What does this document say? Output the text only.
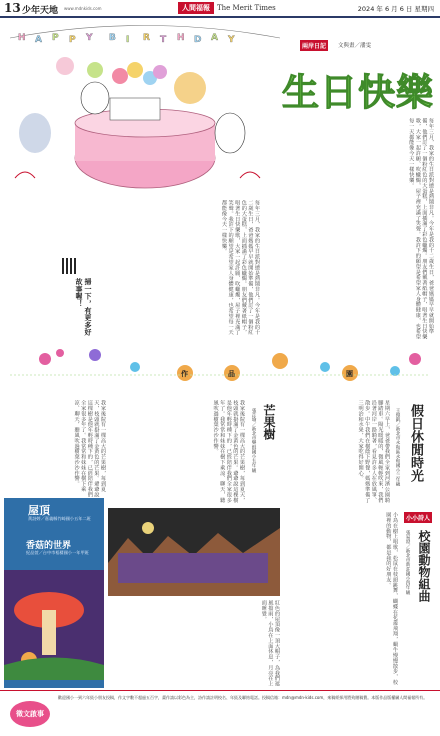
13 少年天地 www.mdnkids.com	人間福報	The Merit Times	2024 年 6 月 6 日 星期四
H A P P Y B I R T H D A Y
兩岸日記	文與畫／潘雯
生日快樂
每年三月，我家的生日派對總是熱鬧非凡。今年是我的十二歲生日，爸爸媽媽早早就開始準備，他們訂了一個粉紅色的大蛋糕，上面插滿了彩色蠟燭。朋友們戴著紙帽子，唱著生日快樂歌，大家一起許願、吹蠟燭，屋子裡充滿了笑聲。我許下的願望是希望家人身體健康，也希望每一天都能像今天一樣快樂。
每年三月，我家的生日派對總是熱鬧非凡。今年是我的十二歲生日，爸爸媽媽早早就開始準備，他們訂了一個粉紅色的大蛋糕，上面插滿了彩色蠟燭。朋友們戴著紙帽子，唱著生日快樂歌，大家一起許願、吹蠟燭，屋子裡充滿了笑聲。我許下的願望是希望家人身體健康，也希望每一天都能像今天一樣快樂。
掃一下，有更多好故事喔！
作	品	園
假日休閒時光
王俊凱／新北市永和區永和國小三年級
星期六早上，爸爸帶我們全家到河濱公園騎腳踏車。陽光暖暖的，微風輕輕吹來，我們沿著河岸一路騎著，看見許多人在放風箏、散步。中午我們在樹蔭下野餐，媽媽準備了三明治和水果，大家吃得好開心。
芒果樹
張芷瑜／新北市樂群國小五年級
我家後院有一棵高大的芒果樹，每到夏天，枝頭就掛滿了金黃色的芒果。爺爺說這棵樹是他年輕時種下的，已經陪伴我們全家很多年了。我常常和妹妹在樹下乘涼、聊天，聽風吹過樹葉沙沙作響。
我家後院有一棵高大的芒果樹，每到夏天，枝頭就掛滿了金黃色的芒果。爺爺說這棵樹是他年輕時種下的，已經陪伴我們全家很多年了。我常常和妹妹在樹下乘涼、聊天，聽風吹過樹葉沙沙作響。
小小詩人
校園動物組曲
張易澄／新北市新莊國小四年級
小鳥在樹上唱歌，松鼠在枝頭跳舞，蝴蝶在花叢飛翔，蝸牛慢慢散步，校園裡的動物，都是我的好朋友。
紅色的屋頂像一頂大帽子，為我們遮風擋雨，小鳥在上面休息，月亮在上面睡覺。
屋頂
黃詩婷／嘉義縣竹崎國小五年二班
香菇的世界
紀品萱／台中市梧棲國小一年甲班
徵文啟事
歡迎國小一到六年級小朋友投稿，作文字數不超過五百字，畫作請以彩色為主，詩作請註明校名、年級及聯絡電話。投稿信箱：mdn@mdn-kids.com，來稿經採用將致贈稿費。本版作品版權屬人間福報所有。
